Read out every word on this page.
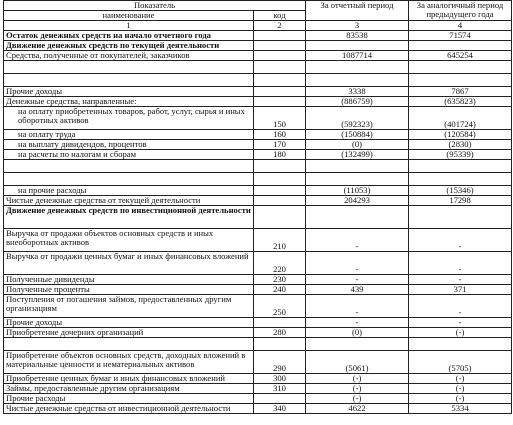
Показатель		За отчетный период	За аналогичный период предыдущего года
наименование	код		
1	2	3	4
Остаток денежных средств на начало отчетного года		83538	71574
Движение денежных средств по текущей деятельности			
Средства, полученные от покупателей, заказчиков		1087714	645254

Прочие доходы		3338	7867
Денежные средства, направленные:		(886759)	(635823)
на оплату приобретенных товаров, работ, услуг, сырья и иных оборотных активов	150	(592323)	(401724)
на оплату труда	160	(150884)	(120584)
на выплату дивидендов, процентов	170	(0)	(2830)
на расчеты по налогам и сборам	180	(132499)	(95339)

на прочие расходы		(11053)	(15346)
Чистые денежные средства от текущей деятельности		204293	17298
Движение денежных средств по инвестиционной деятельности			
Выручка от продажи объектов основных средств и иных внеоборотных активов	210	-	-
Выручка от продажи ценных бумаг и иных финансовых вложений	220	-	-
Полученные дивиденды	230	-	-
Полученные проценты	240	439	371
Поступления от погашения займов, предоставленных другим организациям	250	-	-
Прочие доходы		-	-
Приобретение дочерних организаций	280	(0)	(-)

Приобретение объектов основных средств, доходных вложений в материальные ценности и нематериальных активов	290	(5061)	(5705)
Приобретение ценных бумаг и иных финансовых вложений	300	(-)	(-)
Займы, предоставленные другим организациям	310	(-)	(-)
Прочие расходы		(-)	(-)
Чистые денежные средства от инвестиционной деятельности	340	4622	5334
